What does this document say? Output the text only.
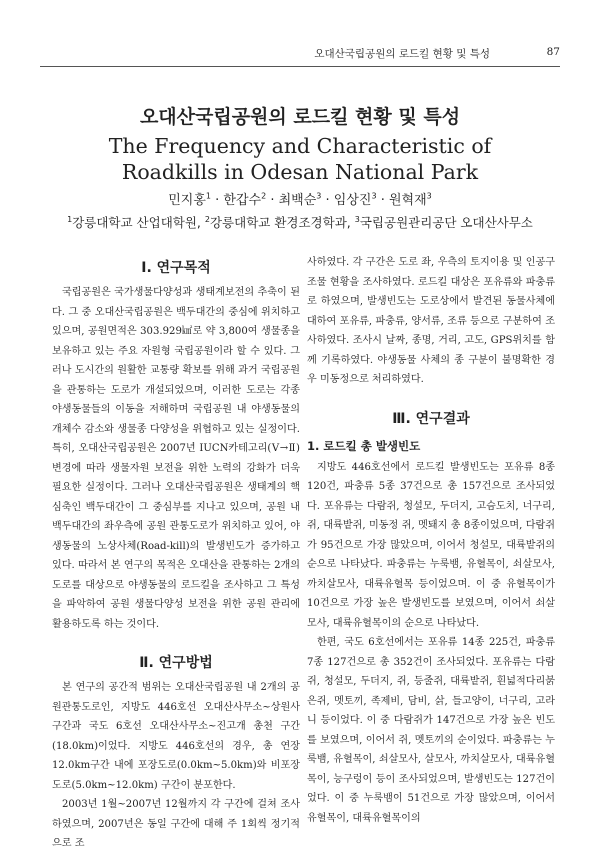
오대산국립공원의 로드킬 현황 및 특성	87
오대산국립공원의 로드킬 현황 및 특성
The Frequency and Characteristic of Roadkills in Odesan National Park
민지홍$^1$ · 한갑수$^2$ · 최백순$^3$ · 임상진$^3$ · 원혁재$^3$
$^1$강릉대학교 산업대학원, $^2$강릉대학교 환경조경학과, $^3$국립공원관리공단 오대산사무소
Ⅰ. 연구목적

국립공원은 국가생물다양성과 생태계보전의 추축이 된다. 그 중 오대산국립공원은 백두대간의 중심에 위치하고 있으며, 공원면적은 303.929㎢로 약 3,800여 생물종을 보유하고 있는 주요 자원형 국립공원이라 할 수 있다. 그러나 도시간의 원활한 교통량 확보를 위해 과거 국립공원을 관통하는 도로가 개설되었으며, 이러한 도로는 각종 야생동물들의 이동을 저해하며 국립공원 내 야생동물의 개체수 감소와 생물종 다양성을 위협하고 있는 실정이다. 특히, 오대산국립공원은 2007년 IUCN카테고리(Ⅴ→Ⅱ) 변경에 따라 생물자원 보전을 위한 노력의 강화가 더욱 필요한 실정이다. 그러나 오대산국립공원은 생태계의 핵심축인 백두대간이 그 중심부를 지나고 있으며, 공원 내 백두대간의 좌우측에 공원 관통도로가 위치하고 있어, 야생동물의 노상사체(Road-kill)의 발생빈도가 증가하고 있다. 따라서 본 연구의 목적은 오대산을 관통하는 2개의 도로를 대상으로 야생동물의 로드킬을 조사하고 그 특성을 파악하여 공원 생물다양성 보전을 위한 공원 관리에 활용하도록 하는 것이다.

Ⅱ. 연구방법

본 연구의 공간적 범위는 오대산국립공원 내 2개의 공원관통도로인, 지방도 446호선 오대산사무소~상원사 구간과 국도 6호선 오대산사무소~진고개 총천 구간(18.0km)이었다. 지방도 446호선의 경우, 총 연장 12.0km구간 내에 포장도로(0.0km~5.0km)와 비포장도로(5.0km~12.0km) 구간이 분포한다.

2003년 1월~2007년 12월까지 각 구간에 걸쳐 조사하였으며, 2007년은 동일 구간에 대해 주 1회씩 정기적으로 조

사하였다. 각 구간은 도로 좌, 우측의 토지이용 및 인공구조물 현황을 조사하였다. 로드킬 대상은 포유류와 파충류로 하였으며, 발생빈도는 도로상에서 발견된 동물사체에 대하여 포유류, 파충류, 양서류, 조류 등으로 구분하여 조사하였다. 조사시 날짜, 종명, 거리, 고도, GPS위치를 함께 기록하였다. 야생동물 사체의 종 구분이 불명확한 경우 미동정으로 처리하였다.

Ⅲ. 연구결과
1. 로드킬 총 발생빈도

지방도 446호선에서 로드킬 발생빈도는 포유류 8종 120건, 파충류 5종 37건으로 총 157건으로 조사되었다. 포유류는 다람쥐, 청설모, 두더지, 고슴도치, 너구리, 쥐, 대륙밭쥐, 미동정 쥐, 멧돼지 총 8종이었으며, 다람쥐가 95건으로 가장 많았으며, 이어서 청설모, 대륙밭쥐의 순으로 나타났다. 파충류는 누룩뱀, 유혈목이, 쇠살모사, 까치살모사, 대륙유혈목 등이었으며. 이 중 유혈목이가 10건으로 가장 높은 발생빈도를 보였으며, 이어서 쇠살모사, 대륙유혈목이의 순으로 나타났다.

한편, 국도 6호선에서는 포유류 14종 225건, 파충류 7종 127건으로 총 352건이 조사되었다. 포유류는 다람쥐, 청설모, 두더지, 쥐, 등줄쥐, 대륙밭쥐, 흰넓적다리붉은쥐, 멧토끼, 족제비, 담비, 삵, 들고양이, 너구리, 고라니 등이었다. 이 중 다람쥐가 147건으로 가장 높은 빈도를 보였으며, 이어서 쥐, 멧토끼의 순이었다. 파충류는 누룩뱀, 유혈목이, 쇠살모사, 살모사, 까치살모사, 대륙유혈목이, 능구렁이 등이 조사되었으며, 발생빈도는 127건이었다. 이 중 누룩뱀이 51건으로 가장 많았으며, 이어서 유혈목이, 대륙유혈목이의
